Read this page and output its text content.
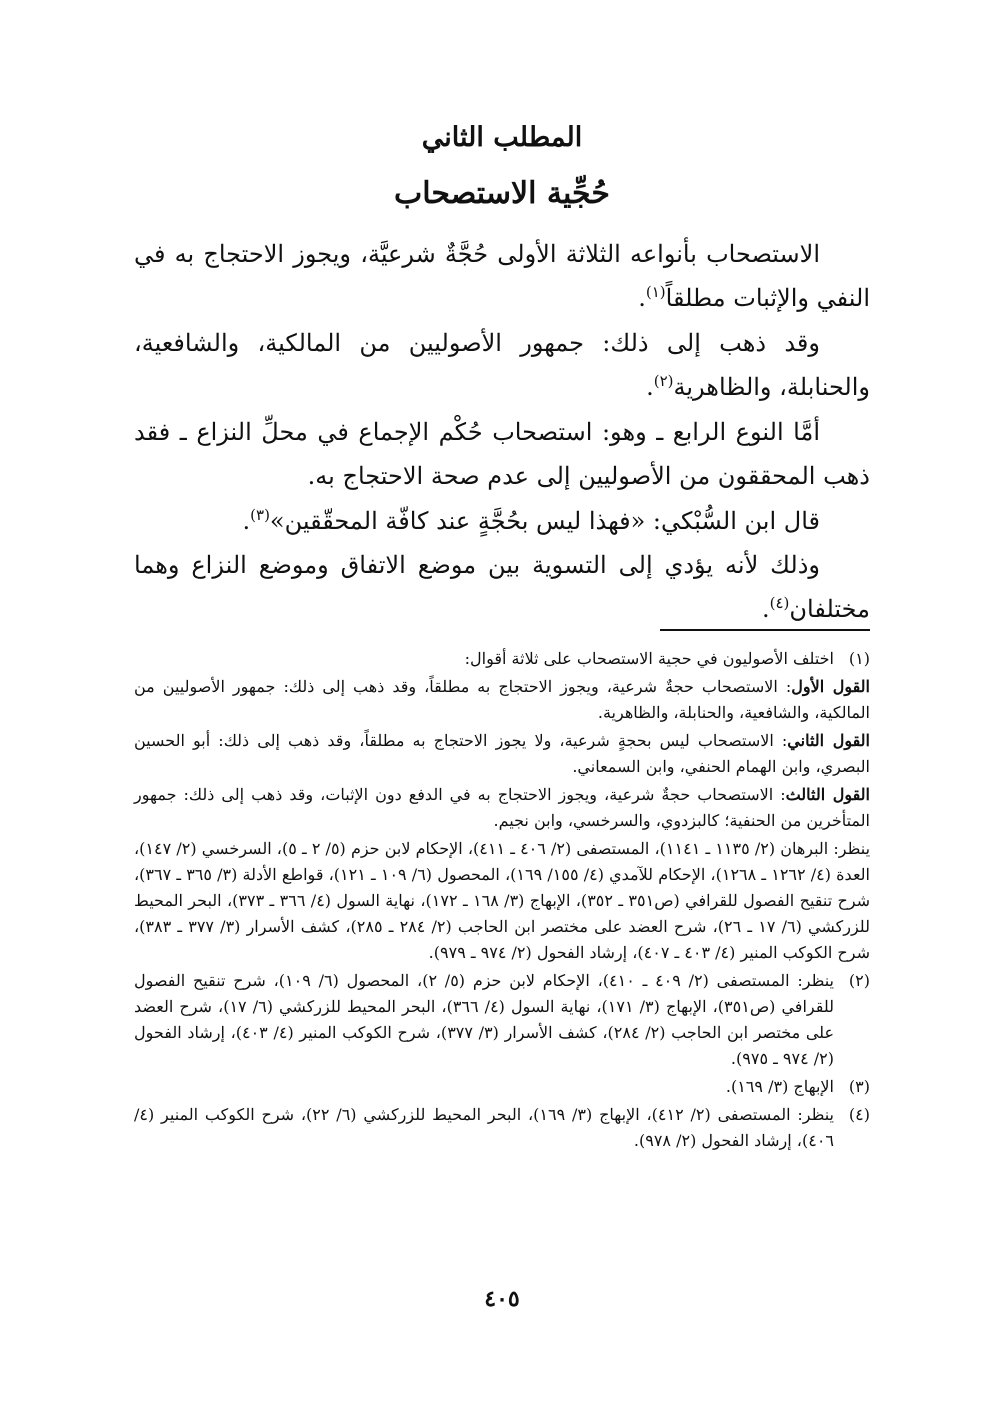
المطلب الثاني
حُجِّية الاستصحاب

الاستصحاب بأنواعه الثلاثة الأولى حُجَّةٌ شرعيَّة، ويجوز الاحتجاج به في النفي والإثبات مطلقاً$^{(١)}$.

وقد ذهب إلى ذلك: جمهور الأصوليين من المالكية، والشافعية، والحنابلة، والظاهرية$^{(٢)}$.

أمَّا النوع الرابع ـ وهو: استصحاب حُكْم الإجماع في محلِّ النزاع ـ فقد ذهب المحققون من الأصوليين إلى عدم صحة الاحتجاج به.

قال ابن السُّبْكي: «فهذا ليس بحُجَّةٍ عند كافّة المحقّقين»$^{(٣)}$.

وذلك لأنه يؤدي إلى التسوية بين موضع الاتفاق وموضع النزاع وهما مختلفان$^{(٤)}$.

(١)
اختلف الأصوليون في حجية الاستصحاب على ثلاثة أقوال:
القول الأول: الاستصحاب حجةٌ شرعية، ويجوز الاحتجاج به مطلقاً، وقد ذهب إلى ذلك: جمهور الأصوليين من المالكية، والشافعية، والحنابلة، والظاهرية.
القول الثاني: الاستصحاب ليس بحجةٍ شرعية، ولا يجوز الاحتجاج به مطلقاً، وقد ذهب إلى ذلك: أبو الحسين البصري، وابن الهمام الحنفي، وابن السمعاني.
القول الثالث: الاستصحاب حجةٌ شرعية، ويجوز الاحتجاج به في الدفع دون الإثبات، وقد ذهب إلى ذلك: جمهور المتأخرين من الحنفية؛ كالبزدوي، والسرخسي، وابن نجيم.
ينظر: البرهان (٢/ ١١٣٥ ـ ١١٤١)، المستصفى (٢/ ٤٠٦ ـ ٤١١)، الإحكام لابن حزم (٥/ ٢ ـ ٥)، السرخسي (٢/ ١٤٧)، العدة (٤/ ١٢٦٢ ـ ١٢٦٨)، الإحكام للآمدي (٤/ ١٥٥/ ١٦٩)، المحصول (٦/ ١٠٩ ـ ١٢١)، قواطع الأدلة (٣/ ٣٦٥ ـ ٣٦٧)، شرح تنقيح الفصول للقرافي (ص٣٥١ ـ ٣٥٢)، الإبهاج (٣/ ١٦٨ ـ ١٧٢)، نهاية السول (٤/ ٣٦٦ ـ ٣٧٣)، البحر المحيط للزركشي (٦/ ١٧ ـ ٢٦)، شرح العضد على مختصر ابن الحاجب (٢/ ٢٨٤ ـ ٢٨٥)، كشف الأسرار (٣/ ٣٧٧ ـ ٣٨٣)، شرح الكوكب المنير (٤/ ٤٠٣ ـ ٤٠٧)، إرشاد الفحول (٢/ ٩٧٤ ـ ٩٧٩).
(٢)
ينظر: المستصفى (٢/ ٤٠٩ ـ ٤١٠)، الإحكام لابن حزم (٥/ ٢)، المحصول (٦/ ١٠٩)، شرح تنقيح الفصول للقرافي (ص٣٥١)، الإبهاج (٣/ ١٧١)، نهاية السول (٤/ ٣٦٦)، البحر المحيط للزركشي (٦/ ١٧)، شرح العضد على مختصر ابن الحاجب (٢/ ٢٨٤)، كشف الأسرار (٣/ ٣٧٧)، شرح الكوكب المنير (٤/ ٤٠٣)، إرشاد الفحول (٢/ ٩٧٤ ـ ٩٧٥).
(٣)
الإبهاج (٣/ ١٦٩).
(٤)
ينظر: المستصفى (٢/ ٤١٢)، الإبهاج (٣/ ١٦٩)، البحر المحيط للزركشي (٦/ ٢٢)، شرح الكوكب المنير (٤/ ٤٠٦)، إرشاد الفحول (٢/ ٩٧٨).
٤٠٥
